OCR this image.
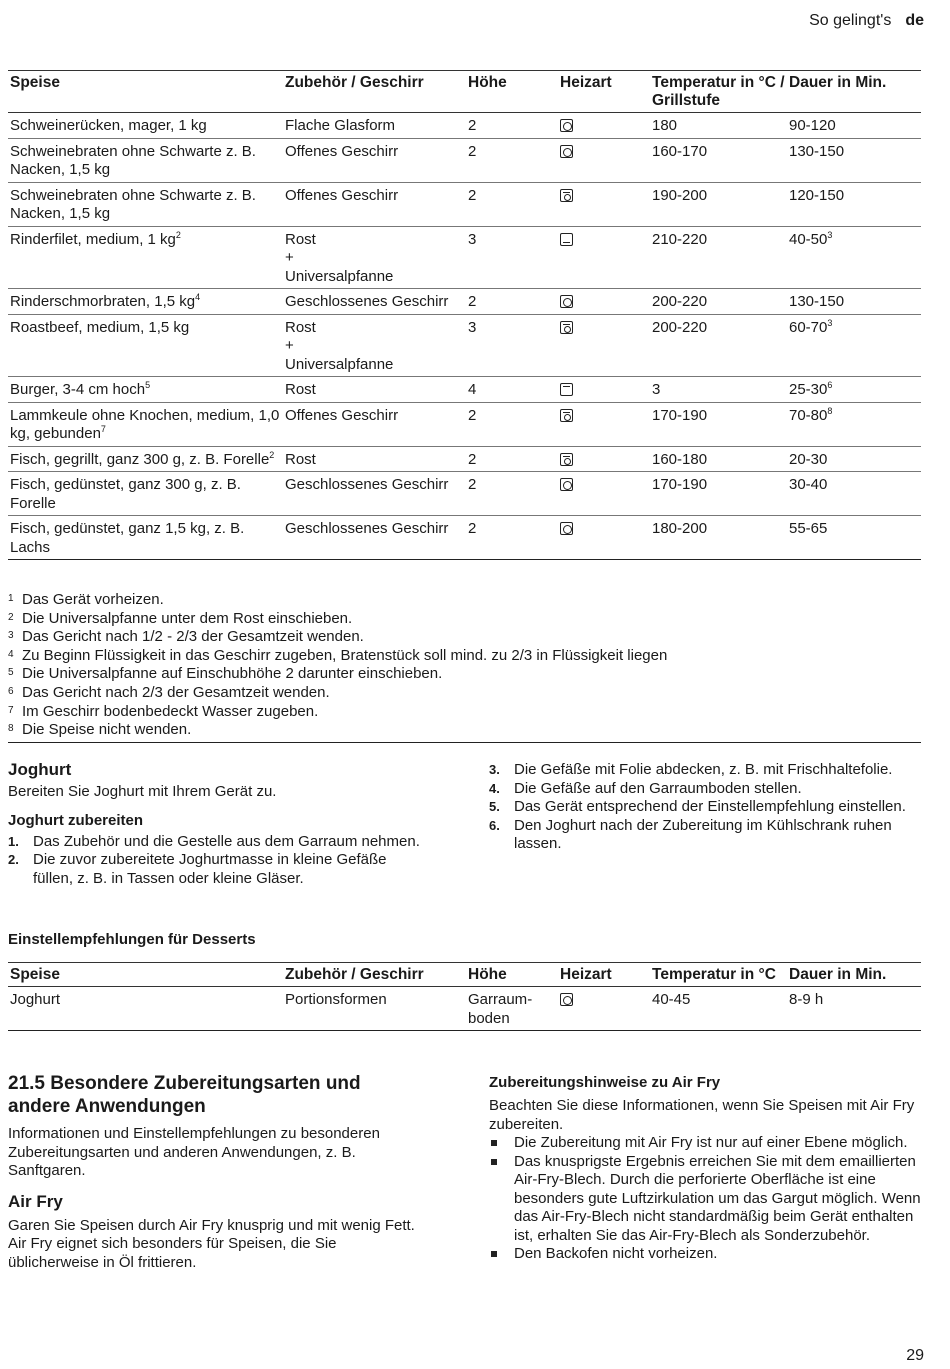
So gelingt's de
Speise	Zubehör / Geschirr	Höhe	Heizart	Temperatur in °C / Grillstufe	Dauer in Min.
Schweinerücken, mager, 1 kg	Flache Glasform	2		180	90-120
Schweinebraten ohne Schwarte z. B. Nacken, 1,5 kg	Offenes Geschirr	2		160-170	130-150
Schweinebraten ohne Schwarte z. B. Nacken, 1,5 kg	Offenes Geschirr	2		190-200	120-150
Rinderfilet, medium, 1 $kg^2$	Rost
+
Universalpfanne	3		210-220	$40-50^3$
Rinderschmorbraten, 1,5 $kg^4$	Geschlossenes Geschirr	2		200-220	130-150
Roastbeef, medium, 1,5 kg	Rost
+
Universalpfanne	3		200-220	$60-70^3$
Burger, 3-4 cm hoch$^5$	Rost	4		3	$25-30^6$
Lammkeule ohne Knochen, medium, 1,0 kg, gebunden$^7$	Offenes Geschirr	2		170-190	$70-80^8$
Fisch, gegrillt, ganz 300 g, z. B. Forelle$^2$	Rost	2		160-180	20-30
Fisch, gedünstet, ganz 300 g, z. B. Forelle	Geschlossenes Geschirr	2		170-190	30-40
Fisch, gedünstet, ganz 1,5 kg, z. B. Lachs	Geschlossenes Geschirr	2		180-200	55-65
1 Das Gerät vorheizen.
2 Die Universalpfanne unter dem Rost einschieben.
3 Das Gericht nach 1/2 - 2/3 der Gesamtzeit wenden.
4 Zu Beginn Flüssigkeit in das Geschirr zugeben, Bratenstück soll mind. zu 2/3 in Flüssigkeit liegen
5 Die Universalpfanne auf Einschubhöhe 2 darunter einschieben.
6 Das Gericht nach 2/3 der Gesamtzeit wenden.
7 Im Geschirr bodenbedeckt Wasser zugeben.
8 Die Speise nicht wenden.
Joghurt

Bereiten Sie Joghurt mit Ihrem Gerät zu.

Joghurt zubereiten
1. Das Zubehör und die Gestelle aus dem Garraum nehmen.
2. Die zuvor zubereitete Joghurtmasse in kleine Gefäße füllen, z. B. in Tassen oder kleine Gläser.
3. Die Gefäße mit Folie abdecken, z. B. mit Frischhaltefolie.
4. Die Gefäße auf den Garraumboden stellen.
5. Das Gerät entsprechend der Einstellempfehlung einstellen.
6. Den Joghurt nach der Zubereitung im Kühlschrank ruhen lassen.
Einstellempfehlungen für Desserts
Speise	Zubehör / Geschirr	Höhe	Heizart	Temperatur in °C	Dauer in Min.
Joghurt	Portionsformen	Garraumboden		40-45	8-9 h
21.5 Besondere Zubereitungsarten und andere Anwendungen

Informationen und Einstellempfehlungen zu besonderen Zubereitungsarten und anderen Anwendungen, z. B. Sanftgaren.

Air Fry

Garen Sie Speisen durch Air Fry knusprig und mit wenig Fett. Air Fry eignet sich besonders für Speisen, die Sie üblicherweise in Öl frittieren.

Zubereitungshinweise zu Air Fry

Beachten Sie diese Informationen, wenn Sie Speisen mit Air Fry zubereiten.

Die Zubereitung mit Air Fry ist nur auf einer Ebene möglich.
Das knusprigste Ergebnis erreichen Sie mit dem emaillierten Air-Fry-Blech. Durch die perforierte Oberfläche ist eine besonders gute Luftzirkulation um das Gargut möglich. Wenn das Air-Fry-Blech nicht standardmäßig beim Gerät enthalten ist, erhalten Sie das Air-Fry-Blech als Sonderzubehör.
Den Backofen nicht vorheizen.
29
